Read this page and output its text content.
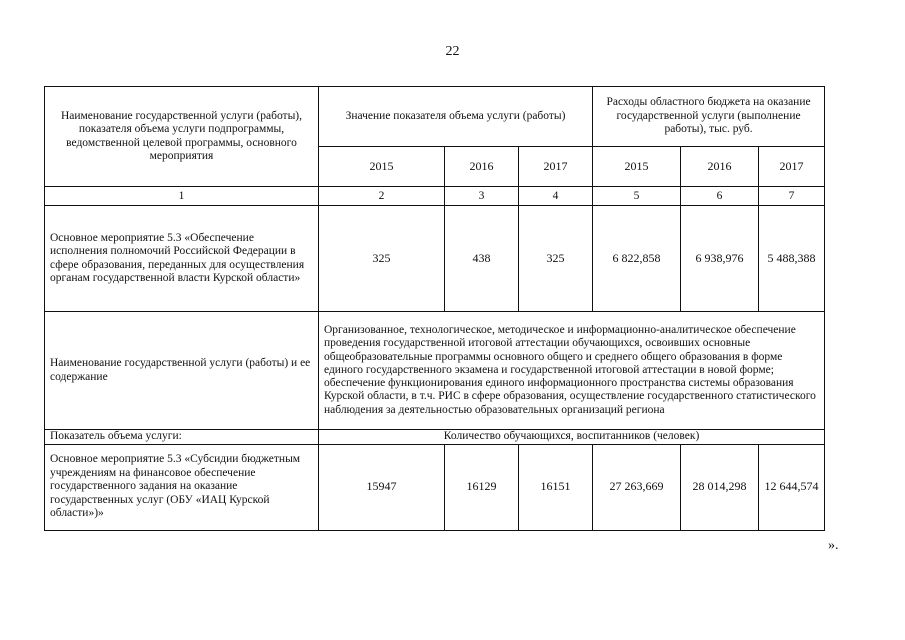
22
Наименование государственной услуги (работы), показателя объема услуги подпрограммы, ведомственной целевой программы, основного мероприятия	Значение показателя объема услуги (работы)			Расходы областного бюджета на оказание государственной услуги (выполнение работы), тыс. руб.		
	2015	2016	2017	2015	2016	2017
1	2	3	4	5	6	7
Основное мероприятие 5.3 «Обеспечение исполнения полномочий Российской Федерации в сфере образования, переданных для осуществления органам государственной власти Курской области»	325	438	325	6 822,858	6 938,976	5 488,388
Наименование государственной услуги (работы) и ее содержание	Организованное, технологическое, методическое и информационно-аналитическое обеспечение проведения государственной итоговой аттестации обучающихся, освоивших основные общеобразовательные программы основного общего и среднего общего образования в форме единого государственного экзамена и государственной итоговой аттестации в новой форме; обеспечение функционирования единого информационного пространства системы образования Курской области, в т.ч. РИС в сфере образования, осуществление государственного статистического наблюдения за деятельностью образовательных организаций региона					
Показатель объема услуги:	Количество обучающихся, воспитанников (человек)					
Основное мероприятие 5.3 «Субсидии бюджетным учреждениям на финансовое обеспечение государственного задания на оказание государственных услуг (ОБУ «ИАЦ Курской области»)»	15947	16129	16151	27 263,669	28 014,298	12 644,574
».
